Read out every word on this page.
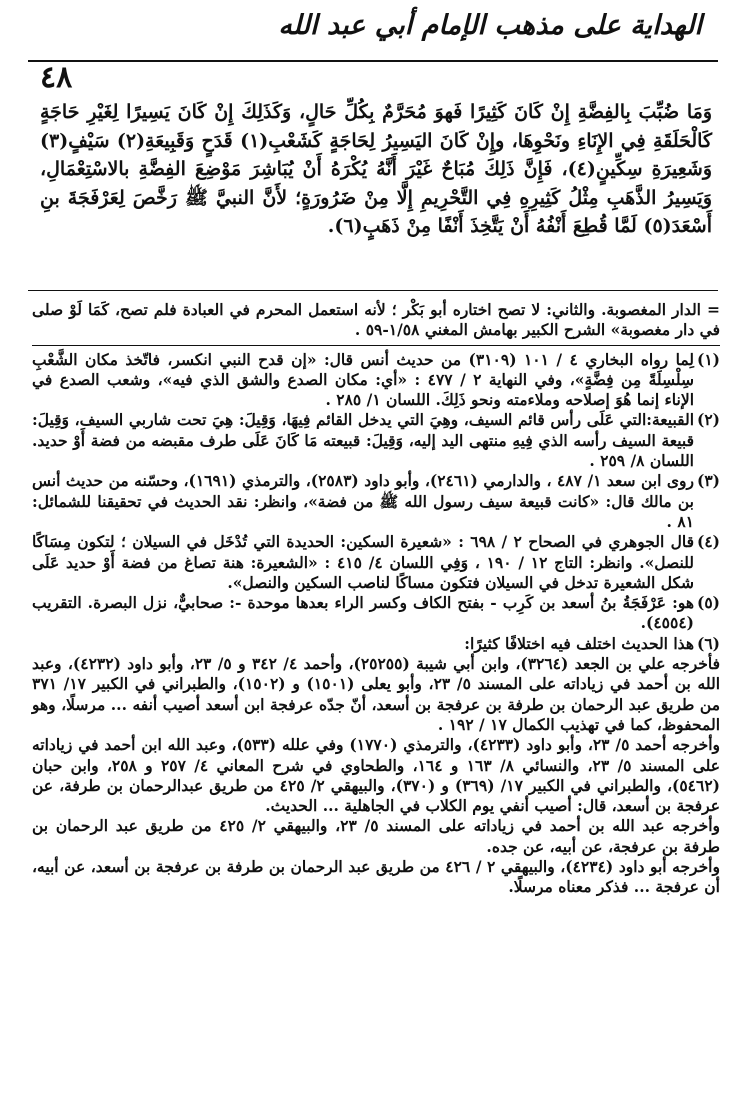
الهداية على مذهب الإمام أبي عبد الله
٤٨

وَمَا ضُبِّبَ بِالفِضَّةِ إِنْ كَانَ كَثِيرًا فَهوَ مُحَرَّمٌ بِكُلِّ حَالٍ، وَكَذَلِكَ إِنْ كَانَ يَسِيرًا لِغَيْرِ حَاجَةٍ كَالْحَلَقَةِ فِي الإِنَاءِ ونَحْوِهَا، وإِنْ كَانَ اليَسِيرُ لِحَاجَةٍ كَشَعْبِ(١) قَدَحٍ وَقَبِيعَةِ(٢) سَيْفٍ(٣) وَشَعِيرَةِ سِكِّينٍ(٤)، فَإِنَّ ذَلِكَ مُبَاحٌ غَيْرَ أَنَّهُ يُكْرَهُ أَنْ يُبَاشِرَ مَوْضِعَ الفِضَّةِ بالاسْتِعْمَالِ، وَيَسِيرُ الذَّهَبِ مِثْلُ كَثِيرِهِ فِي التَّحْرِيمِ إِلَّا مِنْ ضَرُورَةٍ؛ لأَنَّ النبيَّ ﷺ رَخَّصَ لِعَرْفَجَةَ بنِ أَسْعَدَ(٥) لَمَّا قُطِعَ أَنْفُهُ أَنْ يَتَّخِذَ أَنْفًا مِنْ ذَهَبٍ(٦).

= الدار المغصوبة. والثاني: لا تصح اختاره أبو بَكْر ؛ لأنه استعمل المحرم في العبادة فلم تصح، كَمَا لَوْ صلى في دار مغصوبة» الشرح الكبير بهامش المغني ١/٥٨-٥٩ .

(١)

لِما رواه البخاري ٤ / ١٠١ (٣١٠٩) من حديث أنس قال: «إن قدح النبي انكسر، فاتّخذ مكان الشَّعْبِ سِلْسِلَةً مِن فِضَّةٍ»، وفي النهاية ٢ / ٤٧٧ : «أي: مكان الصدع والشق الذي فيه»، وشعب الصدع في الإناء إنما هُوَ إصلاحه وملاءمته ونحو ذَلِكَ. اللسان ١/ ٢٨٥ .

(٢)

القبيعة:التي عَلَى رأس قائم السيف، وهِيَ التي يدخل القائم فِيهَا، وَقِيلَ: هِيَ تحت شاربي السيف، وَقِيلَ: قبيعة السيف رأسه الذي فِيهِ منتهى اليد إليه، وَقِيلَ: قبيعته مَا كَانَ عَلَى طرف مقبضه من فضة أَوْ حديد. اللسان ٨/ ٢٥٩ .

(٣)

روى ابن سعد ١/ ٤٨٧ ، والدارمي (٢٤٦١)، وأبو داود (٢٥٨٣)، والترمذي (١٦٩١)، وحسّنه من حديث أنس بن مالك قال: «كانت قبيعة سيف رسول الله ﷺ من فضة»، وانظر: نقد الحديث في تحقيقنا للشمائل: ٨١ .

(٤)

قال الجوهري في الصحاح ٢ / ٦٩٨ : «شعيرة السكين: الحديدة التي تُدْخَل في السيلان ؛ لتكون مِسَاكًا للنصل». وانظر: التاج ١٢ / ١٩٠ ، وَفِي اللسان ٤/ ٤١٥ : «الشعيرة: هنة تصاغ من فضة أَوْ حديد عَلَى شكل الشعيرة تدخل في السيلان فتكون مساكًا لناصب السكين والنصل».

(٥)

هو: عَرْفَجَةُ بنُ أسعد بن كَرِب - بفتح الكاف وكسر الراء بعدها موحدة -: صحابيٌّ، نزل البصرة. التقريب (٤٥٥٤).

(٦)

هذا الحديث اختلف فيه اختلافًا كثيرًا:

فأخرجه علي بن الجعد (٣٢٦٤)، وابن أبي شيبة (٢٥٢٥٥)، وأحمد ٤/ ٣٤٢ و ٥/ ٢٣، وأبو داود (٤٢٣٢)، وعبد الله بن أحمد في زياداته على المسند ٥/ ٢٣، وأبو يعلى (١٥٠١) و (١٥٠٢)، والطبراني في الكبير ١٧/ ٣٧١ من طريق عبد الرحمان بن طرفة بن عرفجة بن أسعد، أنّ جدّه عرفجة ابن أسعد أصيب أنفه ... مرسلًا، وهو المحفوظ، كما في تهذيب الكمال ١٧ / ١٩٢ .

وأخرجه أحمد ٥/ ٢٣، وأبو داود (٤٢٣٣)، والترمذي (١٧٧٠) وفي علله (٥٣٣)، وعبد الله ابن أحمد في زياداته على المسند ٥/ ٢٣، والنسائي ٨/ ١٦٣ و ١٦٤، والطحاوي في شرح المعاني ٤/ ٢٥٧ و ٢٥٨، وابن حبان (٥٤٦٢)، والطبراني في الكبير ١٧/ (٣٦٩) و (٣٧٠)، والبيهقي ٢/ ٤٢٥ من طريق عبدالرحمان بن طرفة، عن عرفجة بن أسعد، قال: أصيب أنفي يوم الكلاب في الجاهلية ... الحديث.

وأخرجه عبد الله بن أحمد في زياداته على المسند ٥/ ٢٣، والبيهقي ٢/ ٤٢٥ من طريق عبد الرحمان بن طرفة بن عرفجة، عن أبيه، عن جده.

وأخرجه أبو داود (٤٢٣٤)، والبيهقي ٢ / ٤٢٦ من طريق عبد الرحمان بن طرفة بن عرفجة بن أسعد، عن أبيه، أن عرفجة ... فذكر معناه مرسلًا.
